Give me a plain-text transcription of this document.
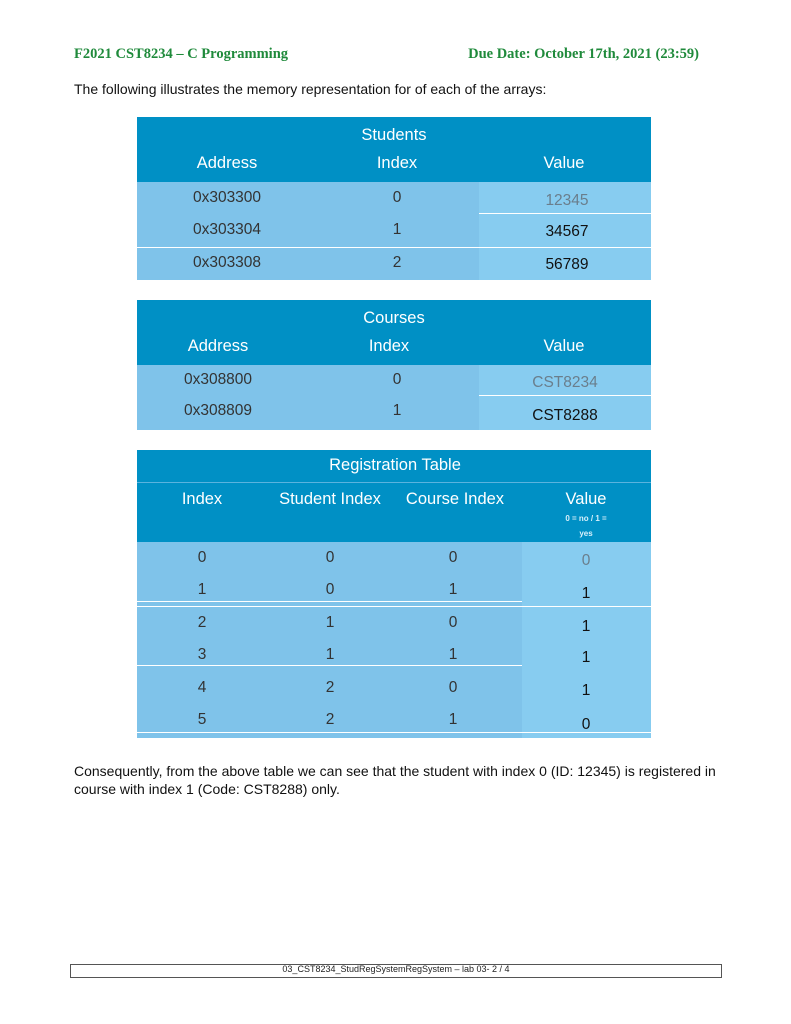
F2021 CST8234 – C Programming	Due Date: October 17th, 2021 (23:59)
The following illustrates the memory representation for of each of the arrays:
Students
Address	Index	Value
0x303300	0	12345
0x303304	1	34567
0x303308	2	56789
Courses
Address	Index	Value
0x308800	0	CST8234
0x308809	1	CST8288
Registration Table
Index	Student Index	Course Index	Value
0 = no / 1 =
yes
0	0	0	0
1	0	1	1
2	1	0	1
3	1	1	1
4	2	0	1
5	2	1	0
Consequently, from the above table we can see that the student with index 0 (ID: 12345) is registered in course with index 1 (Code: CST8288) only.
03_CST8234_StudRegSystemRegSystem – lab 03- 2 / 4
